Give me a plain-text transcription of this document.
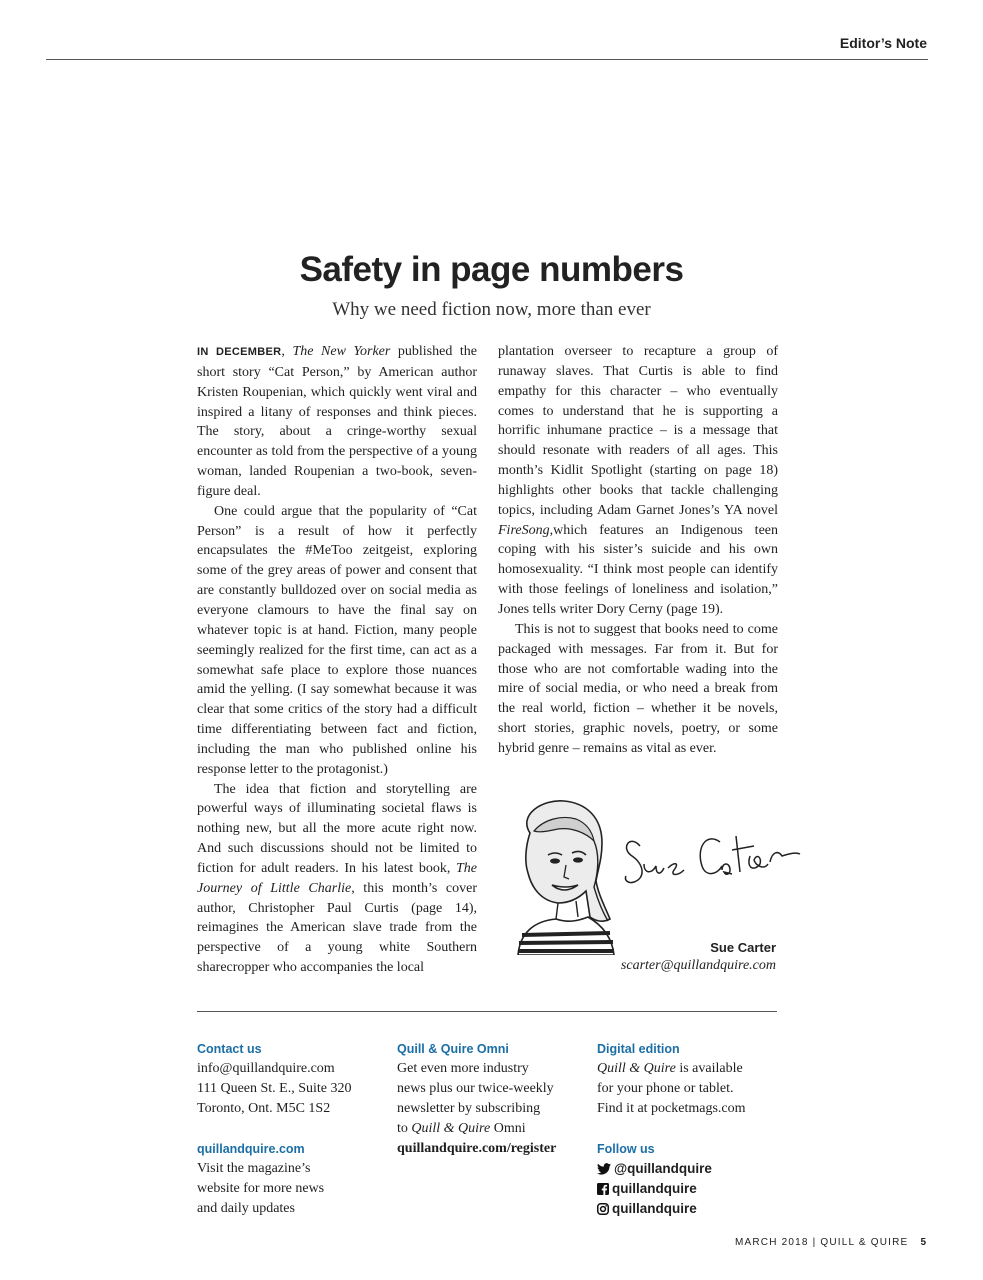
Editor’s Note
Safety in page numbers
Why we need fiction now, more than ever

IN DECEMBER, The New Yorker published the short story “Cat Person,” by American author Kristen Roupenian, which quickly went viral and inspired a litany of responses and think pieces. The story, about a cringe-worthy sexual encounter as told from the perspective of a young woman, landed Roupenian a two-book, seven-figure deal.

One could argue that the popularity of “Cat Person” is a result of how it perfectly encapsulates the #MeToo zeitgeist, exploring some of the grey areas of power and consent that are constantly bulldozed over on social media as everyone clamours to have the final say on whatever topic is at hand. Fiction, many people seemingly realized for the first time, can act as a somewhat safe place to explore those nuances amid the yelling. (I say somewhat because it was clear that some critics of the story had a difficult time differentiating between fact and fiction, including the man who published online his response letter to the protagonist.)

The idea that fiction and storytelling are powerful ways of illuminating societal flaws is nothing new, but all the more acute right now. And such discussions should not be limited to fiction for adult readers. In his latest book, The Journey of Little Charlie, this month’s cover author, Christopher Paul Curtis (page 14), reimagines the American slave trade from the perspective of a young white Southern sharecropper who accompanies the local

plantation overseer to recapture a group of runaway slaves. That Curtis is able to find empathy for this character – who eventually comes to understand that he is supporting a horrific inhumane practice – is a message that should resonate with readers of all ages. This month’s Kidlit Spotlight (starting on page 18) highlights other books that tackle challenging topics, including Adam Garnet Jones’s YA novel FireSong,which features an Indigenous teen coping with his sister’s suicide and his own homosexuality. “I think most people can identify with those feelings of loneliness and isolation,” Jones tells writer Dory Cerny (page 19).

This is not to suggest that books need to come packaged with messages. Far from it. But for those who are not comfortable wading into the mire of social media, or who need a break from the real world, fiction – whether it be novels, short stories, graphic novels, poetry, or some hybrid genre – remains as vital as ever.

Sue Carter
scarter@quillandquire.com
Contact us
info@quillandquire.com
111 Queen St. E., Suite 320
Toronto, Ont. M5C 1S2
quillandquire.com
Visit the magazine’s
website for more news
and daily updates
Quill & Quire Omni
Get even more industry
news plus our twice-weekly
newsletter by subscribing
to Quill & Quire Omni
quillandquire.com/register
Digital edition
Quill & Quire is available
for your phone or tablet.
Find it at pocketmags.com
Follow us
@quillandquire
quillandquire
quillandquire
MARCH 2018 | QUILL & QUIRE 5
